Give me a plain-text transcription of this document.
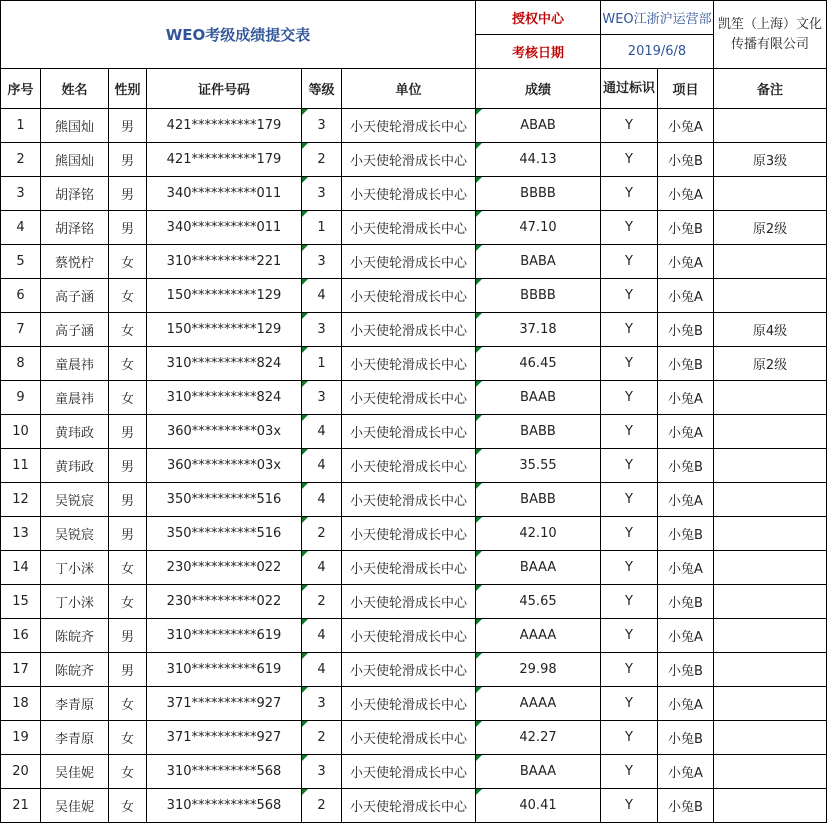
WEO考级成绩提交表						授权中心	WEO江浙沪运营部		凯笙（上海）文化传播有限公司
						考核日期	2019/6/8		
序号	姓名	性别	证件号码	等级	单位	成绩	通过标识	项目	备注
1	熊国灿	男	421**********179	3	小天使轮滑成长中心	ABAB	Y	小兔A	
2	熊国灿	男	421**********179	2	小天使轮滑成长中心	44.13	Y	小兔B	原3级
3	胡泽铭	男	340**********011	3	小天使轮滑成长中心	BBBB	Y	小兔A	
4	胡泽铭	男	340**********011	1	小天使轮滑成长中心	47.10	Y	小兔B	原2级
5	蔡悦柠	女	310**********221	3	小天使轮滑成长中心	BABA	Y	小兔A	
6	高子涵	女	150**********129	4	小天使轮滑成长中心	BBBB	Y	小兔A	
7	高子涵	女	150**********129	3	小天使轮滑成长中心	37.18	Y	小兔B	原4级
8	童晨祎	女	310**********824	1	小天使轮滑成长中心	46.45	Y	小兔B	原2级
9	童晨祎	女	310**********824	3	小天使轮滑成长中心	BAAB	Y	小兔A	
10	黄玮政	男	360**********03x	4	小天使轮滑成长中心	BABB	Y	小兔A	
11	黄玮政	男	360**********03x	4	小天使轮滑成长中心	35.55	Y	小兔B	
12	吴锐宸	男	350**********516	4	小天使轮滑成长中心	BABB	Y	小兔A	
13	吴锐宸	男	350**********516	2	小天使轮滑成长中心	42.10	Y	小兔B	
14	丁小洣	女	230**********022	4	小天使轮滑成长中心	BAAA	Y	小兔A	
15	丁小洣	女	230**********022	2	小天使轮滑成长中心	45.65	Y	小兔B	
16	陈皖齐	男	310**********619	4	小天使轮滑成长中心	AAAA	Y	小兔A	
17	陈皖齐	男	310**********619	4	小天使轮滑成长中心	29.98	Y	小兔B	
18	李青原	女	371**********927	3	小天使轮滑成长中心	AAAA	Y	小兔A	
19	李青原	女	371**********927	2	小天使轮滑成长中心	42.27	Y	小兔B	
20	吴佳妮	女	310**********568	3	小天使轮滑成长中心	BAAA	Y	小兔A	
21	吴佳妮	女	310**********568	2	小天使轮滑成长中心	40.41	Y	小兔B	
